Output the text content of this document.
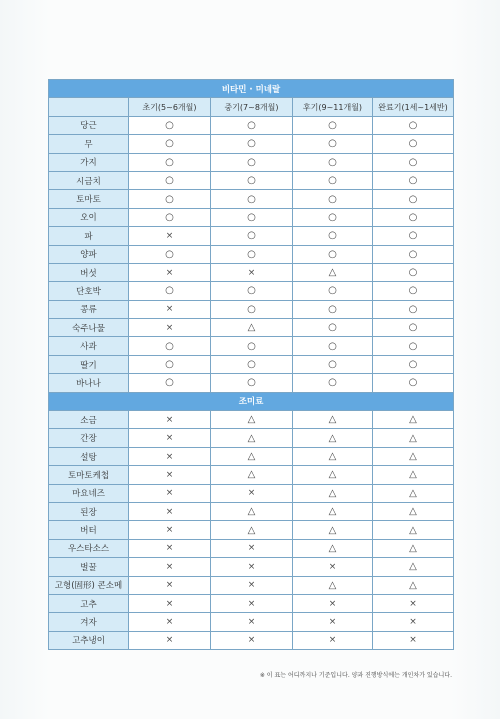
비타민 · 미네랄				
	초기(5~6개월)	중기(7~8개월)	후기(9~11개월)	완료기(1세~1세반)
당근	○	○	○	○
무	○	○	○	○
가지	○	○	○	○
시금치	○	○	○	○
토마토	○	○	○	○
오이	○	○	○	○
파	×	○	○	○
양파	○	○	○	○
버섯	×	×	△	○
단호박	○	○	○	○
콩류	×	○	○	○
숙주나물	×	△	○	○
사과	○	○	○	○
딸기	○	○	○	○
바나나	○	○	○	○
조미료				
소금	×	△	△	△
간장	×	△	△	△
설탕	×	△	△	△
토마토케첩	×	△	△	△
마요네즈	×	×	△	△
된장	×	△	△	△
버터	×	△	△	△
우스타소스	×	×	△	△
벌꿀	×	×	×	△
고형(固形) 콘소메	×	×	△	△
고추	×	×	×	×
겨자	×	×	×	×
고추냉이	×	×	×	×
※ 이 표는 어디까지나 기준입니다. 양과 진행방식에는 개인차가 있습니다.
